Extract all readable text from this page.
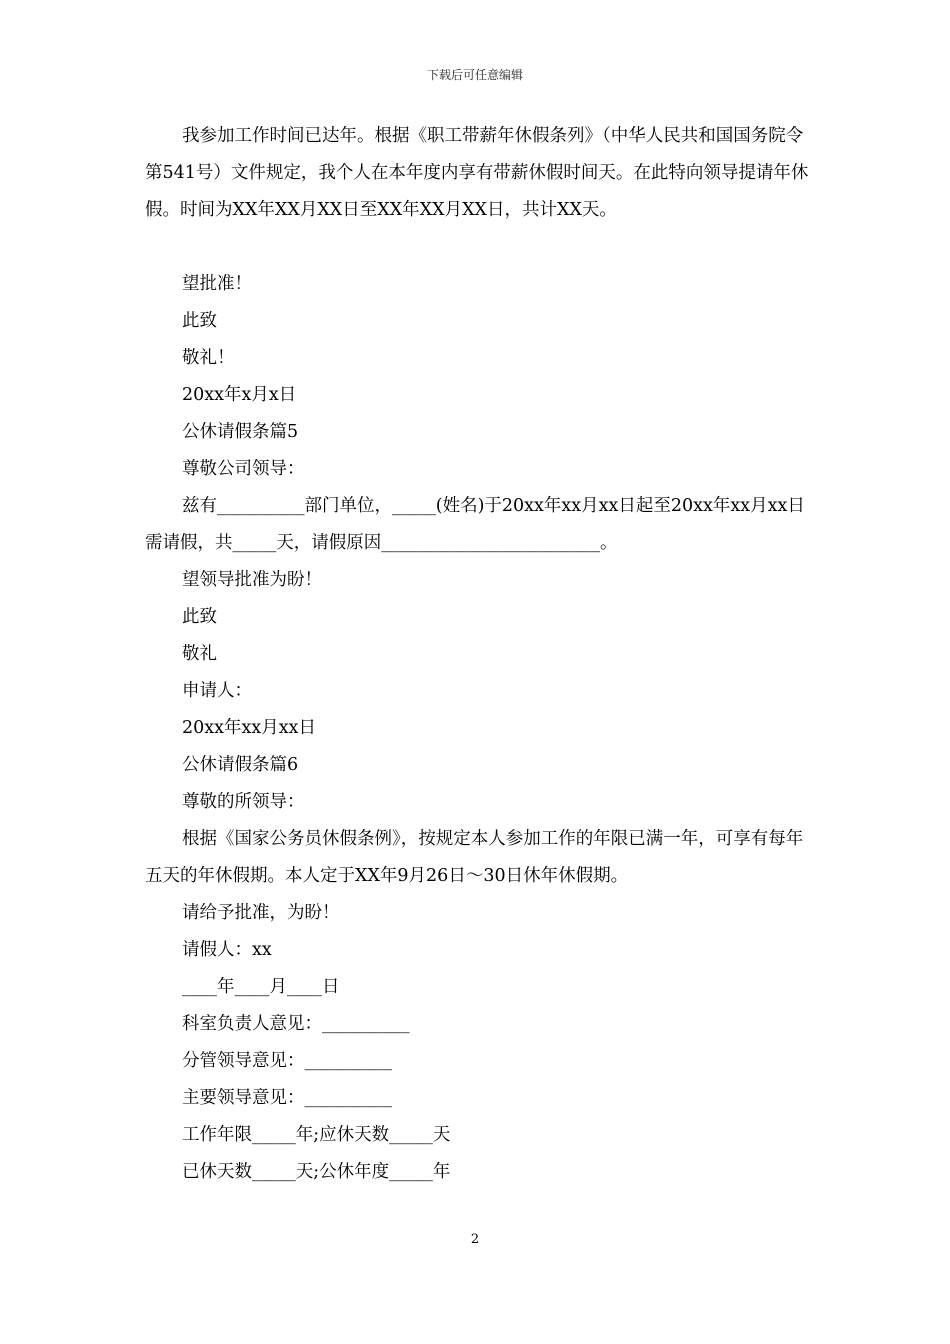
下载后可任意编辑

我参加工作时间已达年。根据《职工带薪年休假条列》（中华人民共和国国务院令第541号）文件规定，我个人在本年度内享有带薪休假时间天。在此特向领导提请年休假。时间为XX年XX月XX日至XX年XX月XX日，共计XX天。

望批准！

此致

敬礼！

20xx年x月x日

公休请假条篇5

尊敬公司领导：

兹有__________部门单位，_____(姓名)于20xx年xx月xx日起至20xx年xx月xx日需请假，共_____天，请假原因_________________________。

望领导批准为盼！

此致

敬礼

申请人：

20xx年xx月xx日

公休请假条篇6

尊敬的所领导：

根据《国家公务员休假条例》，按规定本人参加工作的年限已满一年，可享有每年五天的年休假期。本人定于XX年9月26日～30日休年休假期。

请给予批准，为盼！

请假人：xx

____年____月____日

科室负责人意见：__________

分管领导意见：__________

主要领导意见：__________

工作年限_____年;应休天数_____天

已休天数_____天;公休年度_____年

2
